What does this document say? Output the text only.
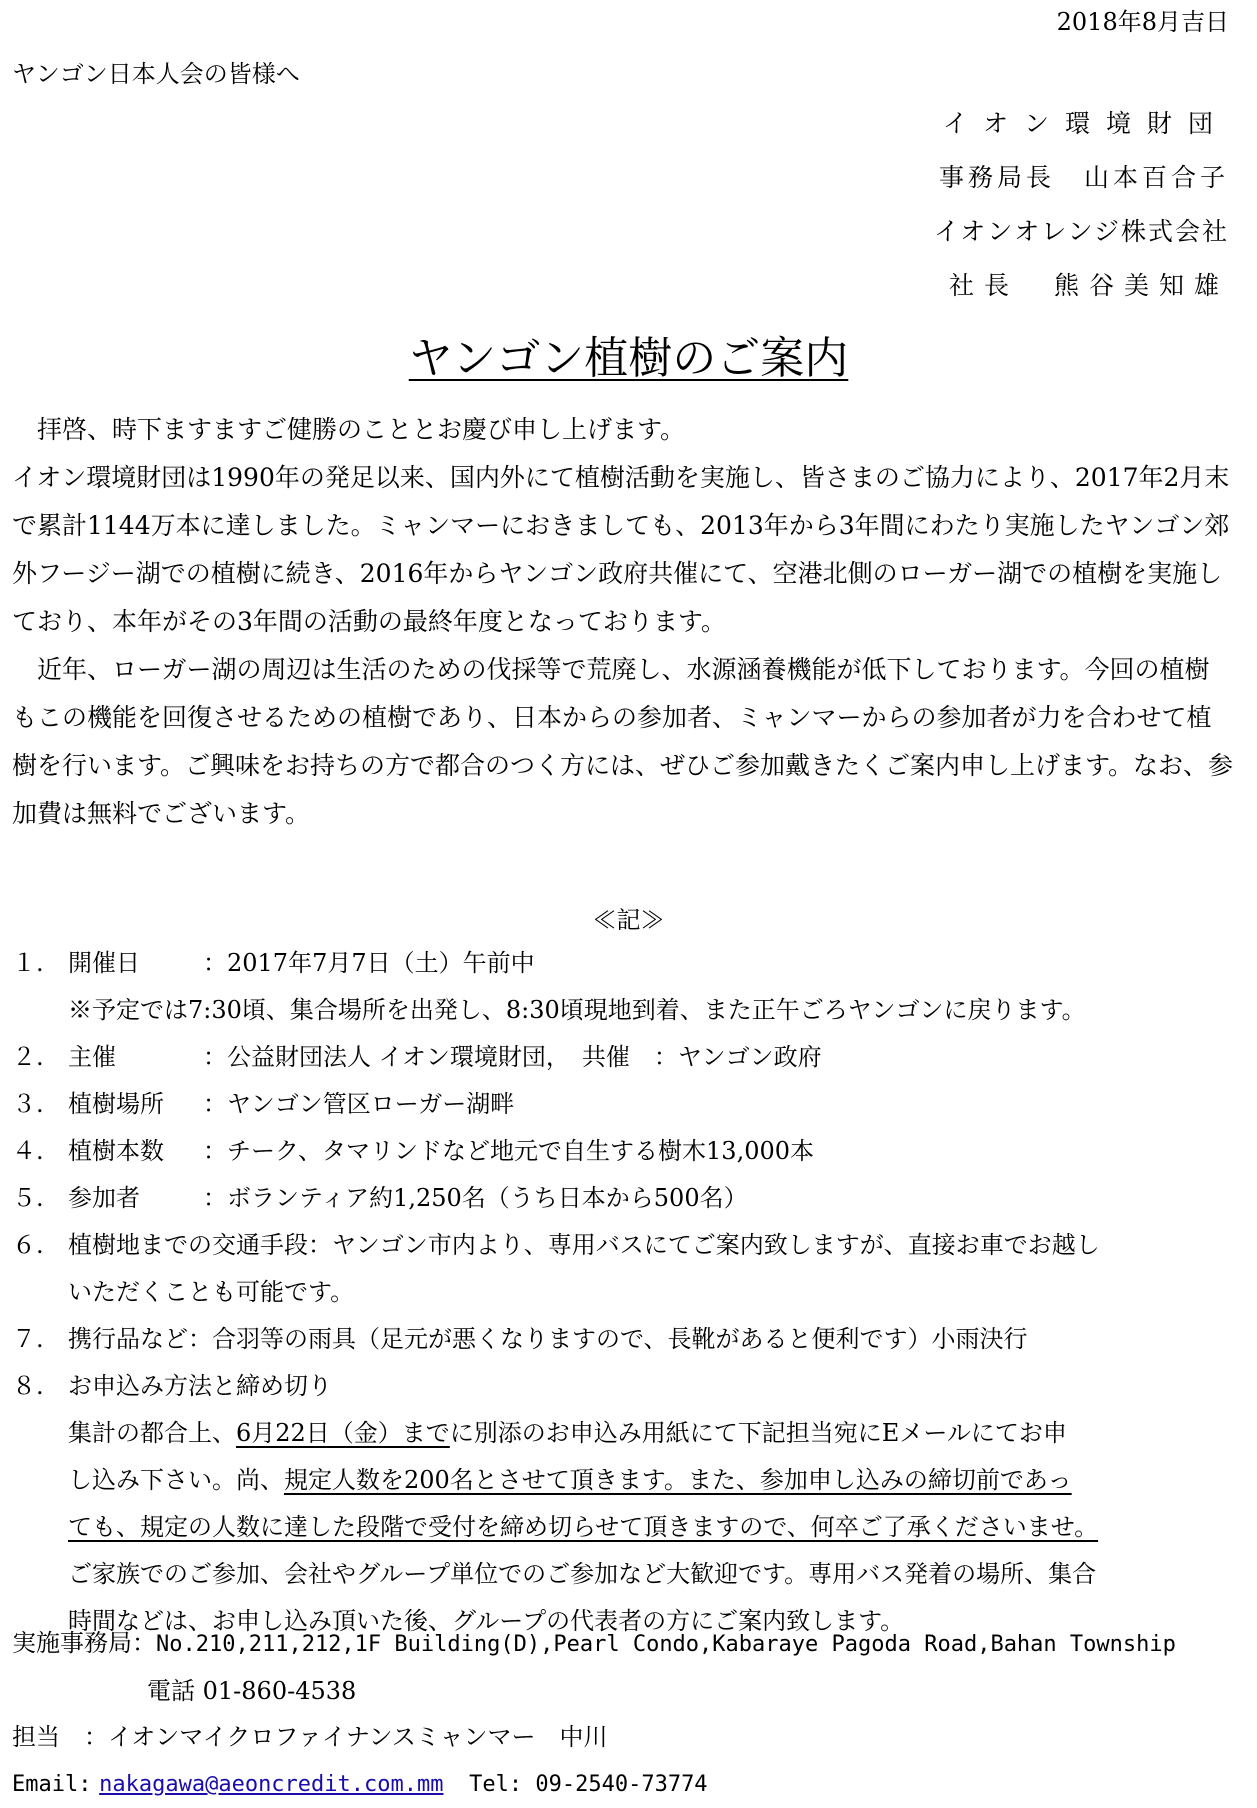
2018年8月吉日
ヤンゴン日本人会の皆様へ
イオン環境財団
事務局長　山本百合子
イオンオレンジ株式会社
社長　熊谷美知雄
ヤンゴン植樹のご案内
拝啓、時下ますますご健勝のこととお慶び申し上げます。
イオン環境財団は1990年の発足以来、国内外にて植樹活動を実施し、皆さまのご協力により、2017年2月末で累計1144万本に達しました。ミャンマーにおきましても、2013年から3年間にわたり実施したヤンゴン郊外フージー湖での植樹に続き、2016年からヤンゴン政府共催にて、空港北側のローガー湖での植樹を実施しており、本年がその3年間の活動の最終年度となっております。
近年、ローガー湖の周辺は生活のための伐採等で荒廃し、水源涵養機能が低下しております。今回の植樹もこの機能を回復させるための植樹であり、日本からの参加者、ミャンマーからの参加者が力を合わせて植樹を行います。ご興味をお持ちの方で都合のつく方には、ぜひご参加戴きたくご案内申し上げます。なお、参加費は無料でございます。
≪記≫
１.	開催日	：2017年7月7日（土）午前中
※予定では7:30頃、集合場所を出発し、8:30頃現地到着、また正午ごろヤンゴンに戻ります。
２.	主催	：公益財団法人 イオン環境財団，　共催　：ヤンゴン政府
３.	植樹場所	：ヤンゴン管区ローガー湖畔
４.	植樹本数	：チーク、タマリンドなど地元で自生する樹木13,000本
５.	参加者	：ボランティア約1,250名（うち日本から500名）
６.	植樹地までの交通手段：ヤンゴン市内より、専用バスにてご案内致しますが、直接お車でお越し
いただくことも可能です。
７.	携行品など：合羽等の雨具（足元が悪くなりますので、長靴があると便利です）小雨決行
８.	お申込み方法と締め切り
集計の都合上、6月22日（金）までに別添のお申込み用紙にて下記担当宛にEメールにてお申
し込み下さい。尚、規定人数を200名とさせて頂きます。また、参加申し込みの締切前であっ
ても、規定の人数に達した段階で受付を締め切らせて頂きますので、何卒ご了承くださいませ。
ご家族でのご参加、会社やグループ単位でのご参加など大歓迎です。専用バス発着の場所、集合
時間などは、お申し込み頂いた後、グループの代表者の方にご案内致します。
実施事務局：No.210,211,212,1F Building(D),Pearl Condo,Kabaraye Pagoda Road,Bahan Township
電話 01-860-4538
担当　：イオンマイクロファイナンスミャンマー　中川
Email: nakagawa@aeoncredit.com.mm Tel: 09-2540-73774
